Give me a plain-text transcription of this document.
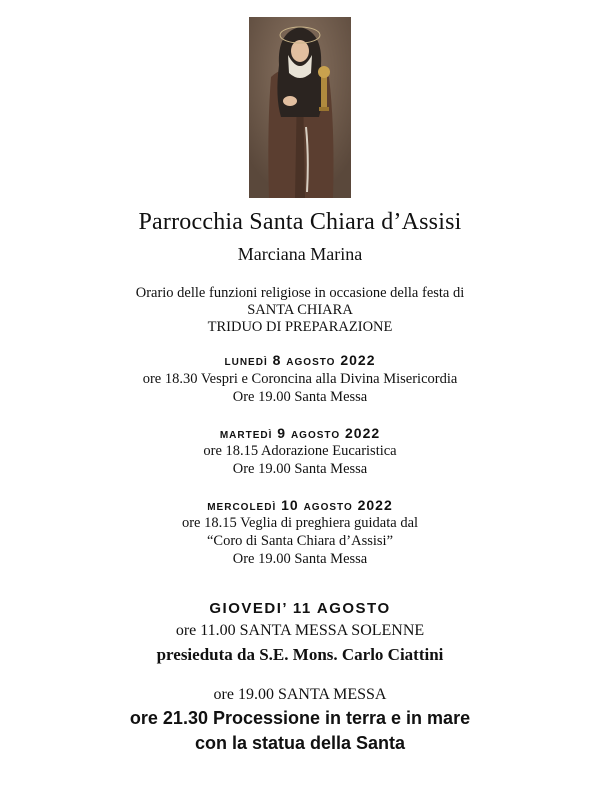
Parrocchia Santa Chiara d’Assisi
Marciana Marina
Orario delle funzioni religiose in occasione della festa di
SANTA CHIARA
TRIDUO DI PREPARAZIONE
lunedì 8 agosto 2022
ore 18.30 Vespri e Coroncina alla Divina Misericordia
Ore 19.00 Santa Messa
martedì 9 agosto 2022
ore 18.15 Adorazione Eucaristica
Ore 19.00 Santa Messa
mercoledì 10 agosto 2022
ore 18.15 Veglia di preghiera guidata dal
“Coro di Santa Chiara d’Assisi”
Ore 19.00 Santa Messa
GIOVEDI’ 11 AGOSTO
ore 11.00 SANTA MESSA SOLENNE
presieduta da S.E. Mons. Carlo Ciattini
ore 19.00 SANTA MESSA
ore 21.30 Processione in terra e in mare
con la statua della Santa
